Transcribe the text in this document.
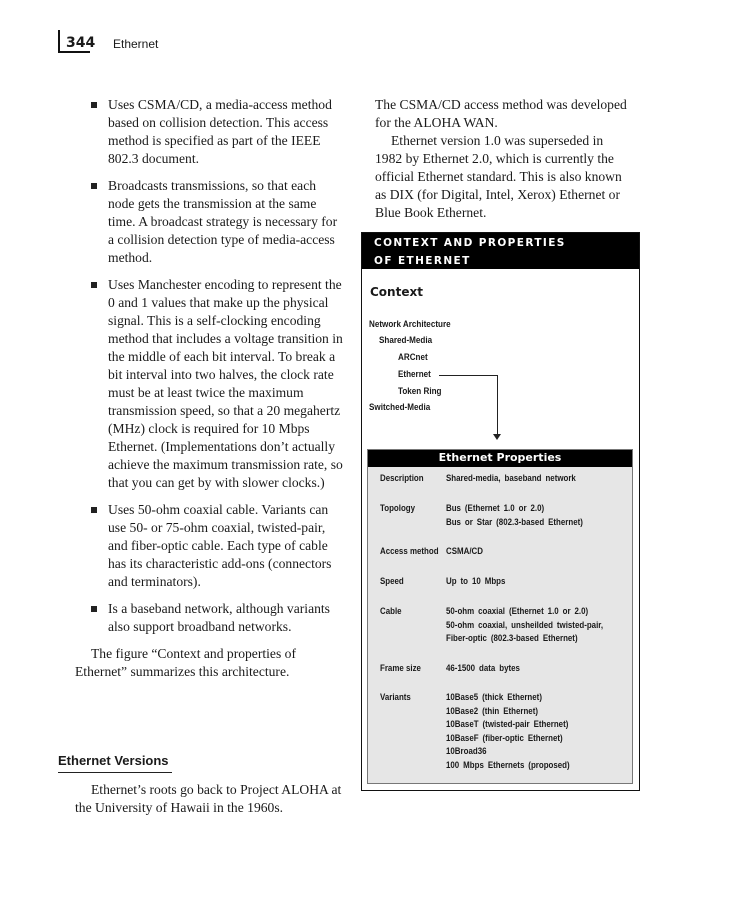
344 Ethernet
Uses CSMA/CD, a media-access method based on collision detection. This access method is specified as part of the IEEE 802.3 document.
Broadcasts transmissions, so that each node gets the transmission at the same time. A broadcast strategy is necessary for a collision detection type of media-access method.
Uses Manchester encoding to represent the 0 and 1 values that make up the physical signal. This is a self-clocking encoding method that includes a voltage transition in the middle of each bit interval. To break a bit interval into two halves, the clock rate must be at least twice the maximum transmission speed, so that a 20 megahertz (MHz) clock is required for 10 Mbps Ethernet. (Implementations don’t actually achieve the maximum transmission rate, so that you can get by with slower clocks.)
Uses 50-ohm coaxial cable. Variants can use 50- or 75-ohm coaxial, twisted-pair, and fiber-optic cable. Each type of cable has its characteristic add-ons (connectors and terminators).
Is a baseband network, although variants also support broadband networks.

The figure “Context and properties of Ethernet” summarizes this architecture.

Ethernet Versions

Ethernet’s roots go back to Project ALOHA at the University of Hawaii in the 1960s.

The CSMA/CD access method was developed for the ALOHA WAN.

Ethernet version 1.0 was superseded in 1982 by Ethernet 2.0, which is currently the official Ethernet standard. This is also known as DIX (for Digital, Intel, Xerox) Ethernet or Blue Book Ethernet.

CONTEXT AND PROPERTIES
OF ETHERNET
Context
Network Architecture
Shared-Media
ARCnet
Ethernet
Token Ring
Switched-Media
Ethernet Properties
Description	Shared-media, baseband network
Topology	Bus (Ethernet 1.0 or 2.0)
Bus or Star (802.3-based Ethernet)
Access method CSMA/CD
Speed	Up to 10 Mbps
Cable	50-ohm coaxial (Ethernet 1.0 or 2.0)
50-ohm coaxial, unsheilded twisted-pair,
Fiber-optic (802.3-based Ethernet)
Frame size	46-1500 data bytes
Variants	10Base5 (thick Ethernet)
10Base2 (thin Ethernet)
10BaseT (twisted-pair Ethernet)
10BaseF (fiber-optic Ethernet)
10Broad36
100 Mbps Ethernets (proposed)
